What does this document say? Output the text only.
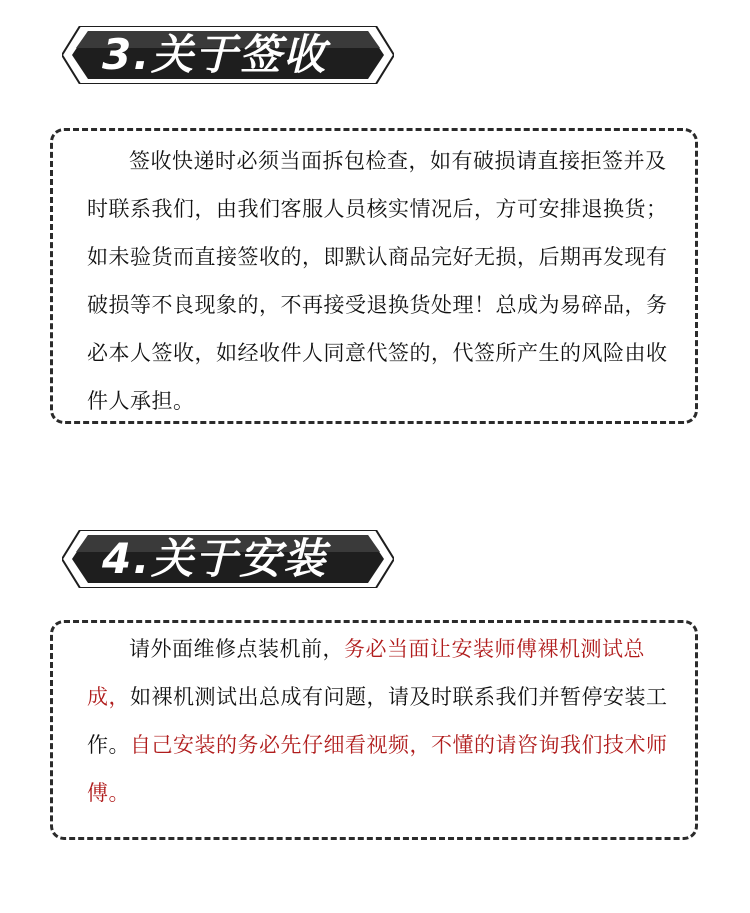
3.关于签收

签收快递时必须当面拆包检查，如有破损请直接拒签并及时联系我们，由我们客服人员核实情况后，方可安排退换货；如未验货而直接签收的，即默认商品完好无损，后期再发现有破损等不良现象的，不再接受退换货处理！总成为易碎品，务必本人签收，如经收件人同意代签的，代签所产生的风险由收件人承担。

4.关于安装

请外面维修点装机前，务必当面让安装师傅裸机测试总成，如裸机测试出总成有问题，请及时联系我们并暂停安装工作。自己安装的务必先仔细看视频，不懂的请咨询我们技术师傅。
